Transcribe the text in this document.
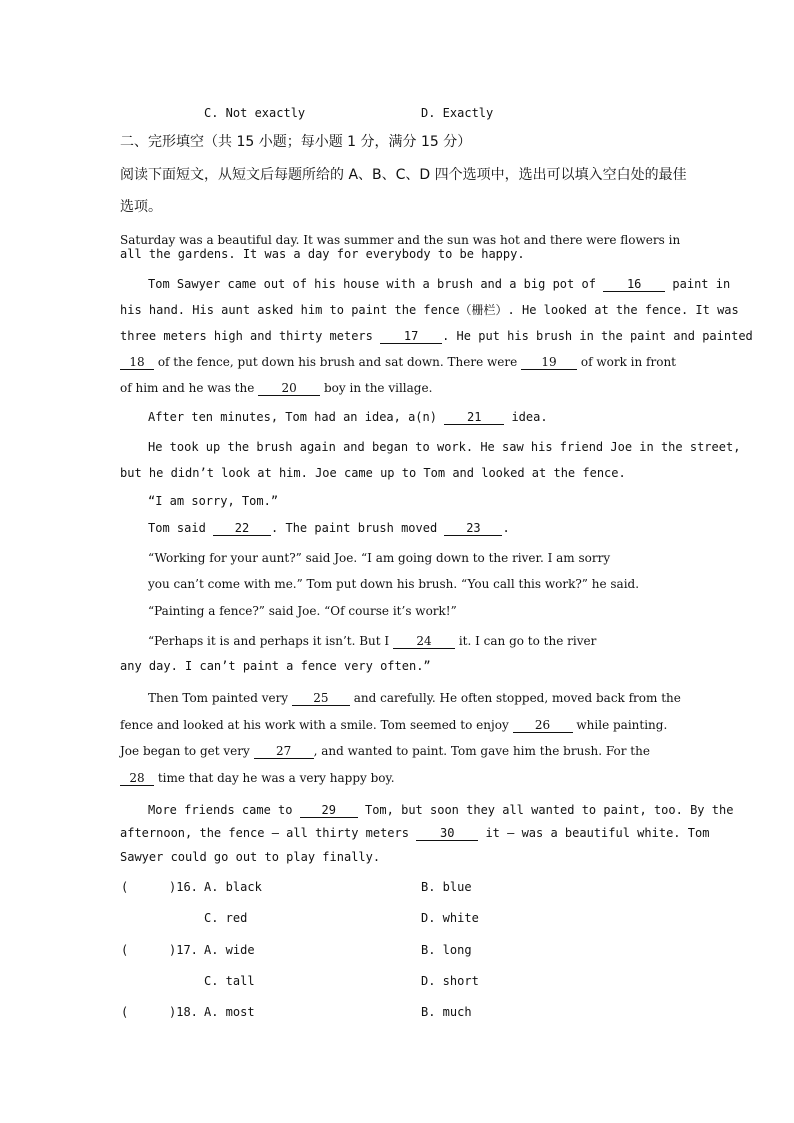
C. Not exactly	D. Exactly
二、完形填空（共 15 小题；每小题 1 分，满分 15 分）
阅读下面短文，从短文后每题所给的 A、B、C、D 四个选项中，选出可以填入空白处的最佳
选项。
Saturday was a beautiful day. It was summer and the sun was hot and there were flowers in
all the gardens. It was a day for everybody to be happy.
Tom Sawyer came out of his house with a brush and a big pot of	16	paint in
his hand. His aunt asked him to paint the fence（栅栏）. He looked at the fence. It was
three meters high and thirty meters	17 . He put his brush in the paint and painted
18 of the fence, put down his brush and sat down. There were 19 of work in front
of him and he was the 20 boy in the village.
After ten minutes, Tom had an idea, a(n)	21	idea.
He took up the brush again and began to work. He saw his friend Joe in the street,
but he didn’t look at him. Joe came up to Tom and looked at the fence.
“I am sorry, Tom.”
Tom said 22 . The paint brush moved 23 .
“Working for your aunt?” said Joe. “I am going down to the river. I am sorry
you can’t come with me.” Tom put down his brush. “You call this work?” he said.
“Painting a fence?” said Joe. “Of course it’s work!”
“Perhaps it is and perhaps it isn’t. But I 24 it. I can go to the river
any day. I can’t paint a fence very often.”
Then Tom painted very 25 and carefully. He often stopped, moved back from the
fence and looked at his work with a smile. Tom seemed to enjoy 26 while painting.
Joe began to get very 27 , and wanted to paint. Tom gave him the brush. For the
28 time that day he was a very happy boy.
More friends came to 29 Tom, but soon they all wanted to paint, too. By the
afternoon, the fence — all thirty meters	30	it — was a beautiful white. Tom
Sawyer could go out to play finally.
(	)16. A. black	B. blue
C. red	D. white
(	)17. A. wide	B. long
C. tall	D. short
(	)18. A. most	B. much
